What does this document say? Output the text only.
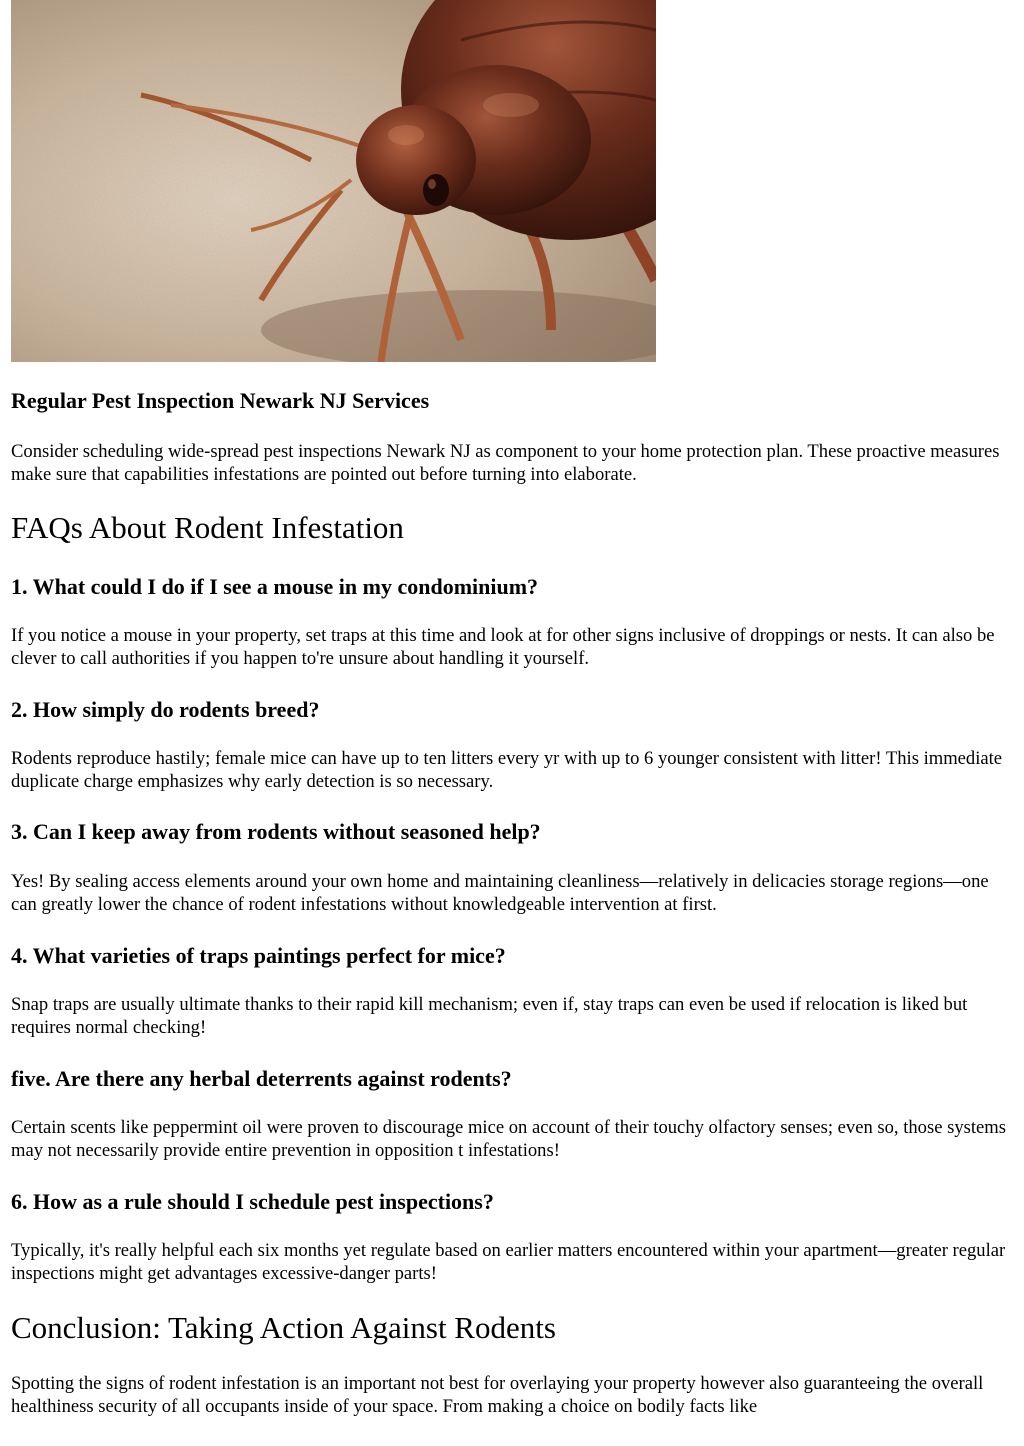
Regular Pest Inspection Newark NJ Services

Consider scheduling wide-spread pest inspections Newark NJ as component to your home protection plan. These proactive measures make sure that capabilities infestations are pointed out before turning into elaborate.

FAQs About Rodent Infestation
1. What could I do if I see a mouse in my condominium?

If you notice a mouse in your property, set traps at this time and look at for other signs inclusive of droppings or nests. It can also be clever to call authorities if you happen to're unsure about handling it yourself.

2. How simply do rodents breed?

Rodents reproduce hastily; female mice can have up to ten litters every yr with up to 6 younger consistent with litter! This immediate duplicate charge emphasizes why early detection is so necessary.

3. Can I keep away from rodents without seasoned help?

Yes! By sealing access elements around your own home and maintaining cleanliness—relatively in delicacies storage regions—one can greatly lower the chance of rodent infestations without knowledgeable intervention at first.

4. What varieties of traps paintings perfect for mice?

Snap traps are usually ultimate thanks to their rapid kill mechanism; even if, stay traps can even be used if relocation is liked but requires normal checking!

five. Are there any herbal deterrents against rodents?

Certain scents like peppermint oil were proven to discourage mice on account of their touchy olfactory senses; even so, those systems may not necessarily provide entire prevention in opposition t infestations!

6. How as a rule should I schedule pest inspections?

Typically, it's really helpful each six months yet regulate based on earlier matters encountered within your apartment—greater regular inspections might get advantages excessive-danger parts!

Conclusion: Taking Action Against Rodents

Spotting the signs of rodent infestation is an important not best for overlaying your property however also guaranteeing the overall healthiness security of all occupants inside of your space. From making a choice on bodily facts like
